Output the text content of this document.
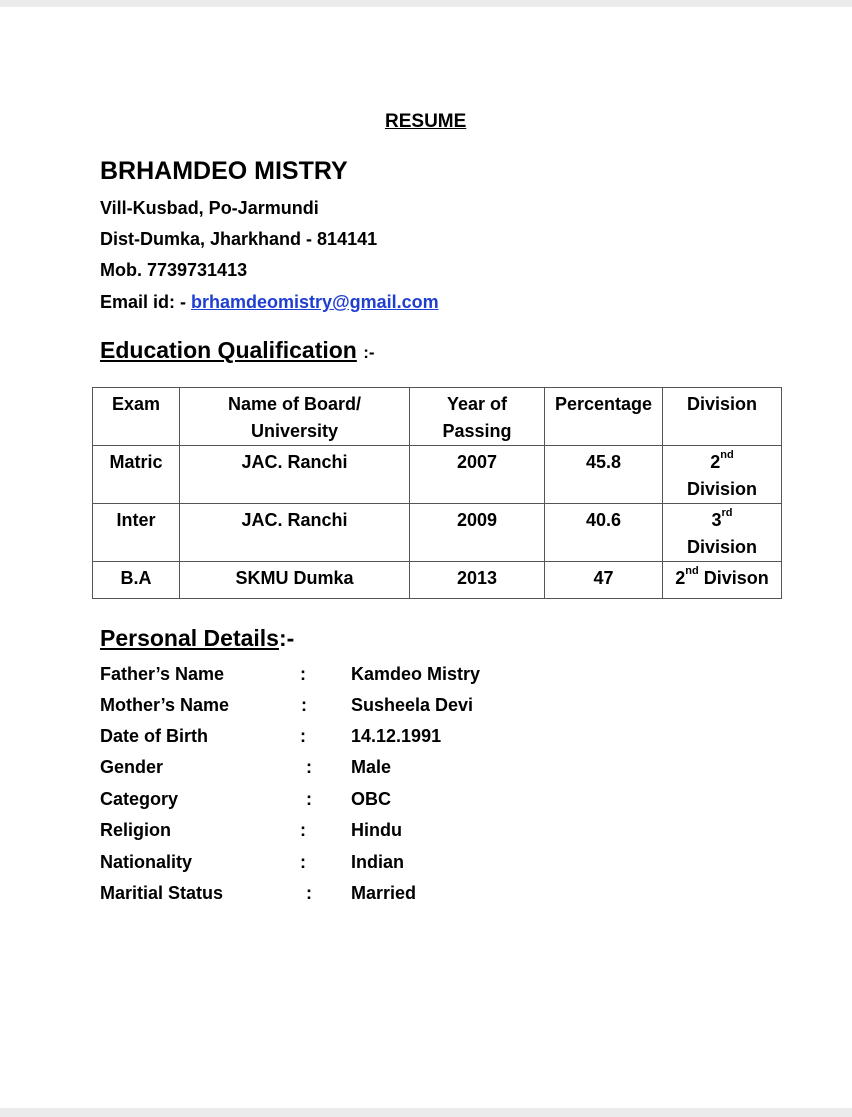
RESUME
BRHAMDEO MISTRY
Vill-Kusbad, Po-Jarmundi
Dist-Dumka, Jharkhand - 814141
Mob. 7739731413
Email id: - brhamdeomistry@gmail.com
Education Qualification :-
Exam	Name of Board/ University	Year of Passing	Percentage	Division
Matric	JAC. Ranchi	2007	45.8	2nd
Division
Inter	JAC. Ranchi	2009	40.6	3rd
Division
B.A	SKMU Dumka	2013	47	2nd Divison
Personal Details:-
Father’s Name	:	Kamdeo Mistry
Mother’s Name	: Susheela Devi
Date of Birth	:	14.12.1991
Gender	: Male
Category	: OBC
Religion	:	Hindu
Nationality	:	Indian
Maritial Status	: Married
